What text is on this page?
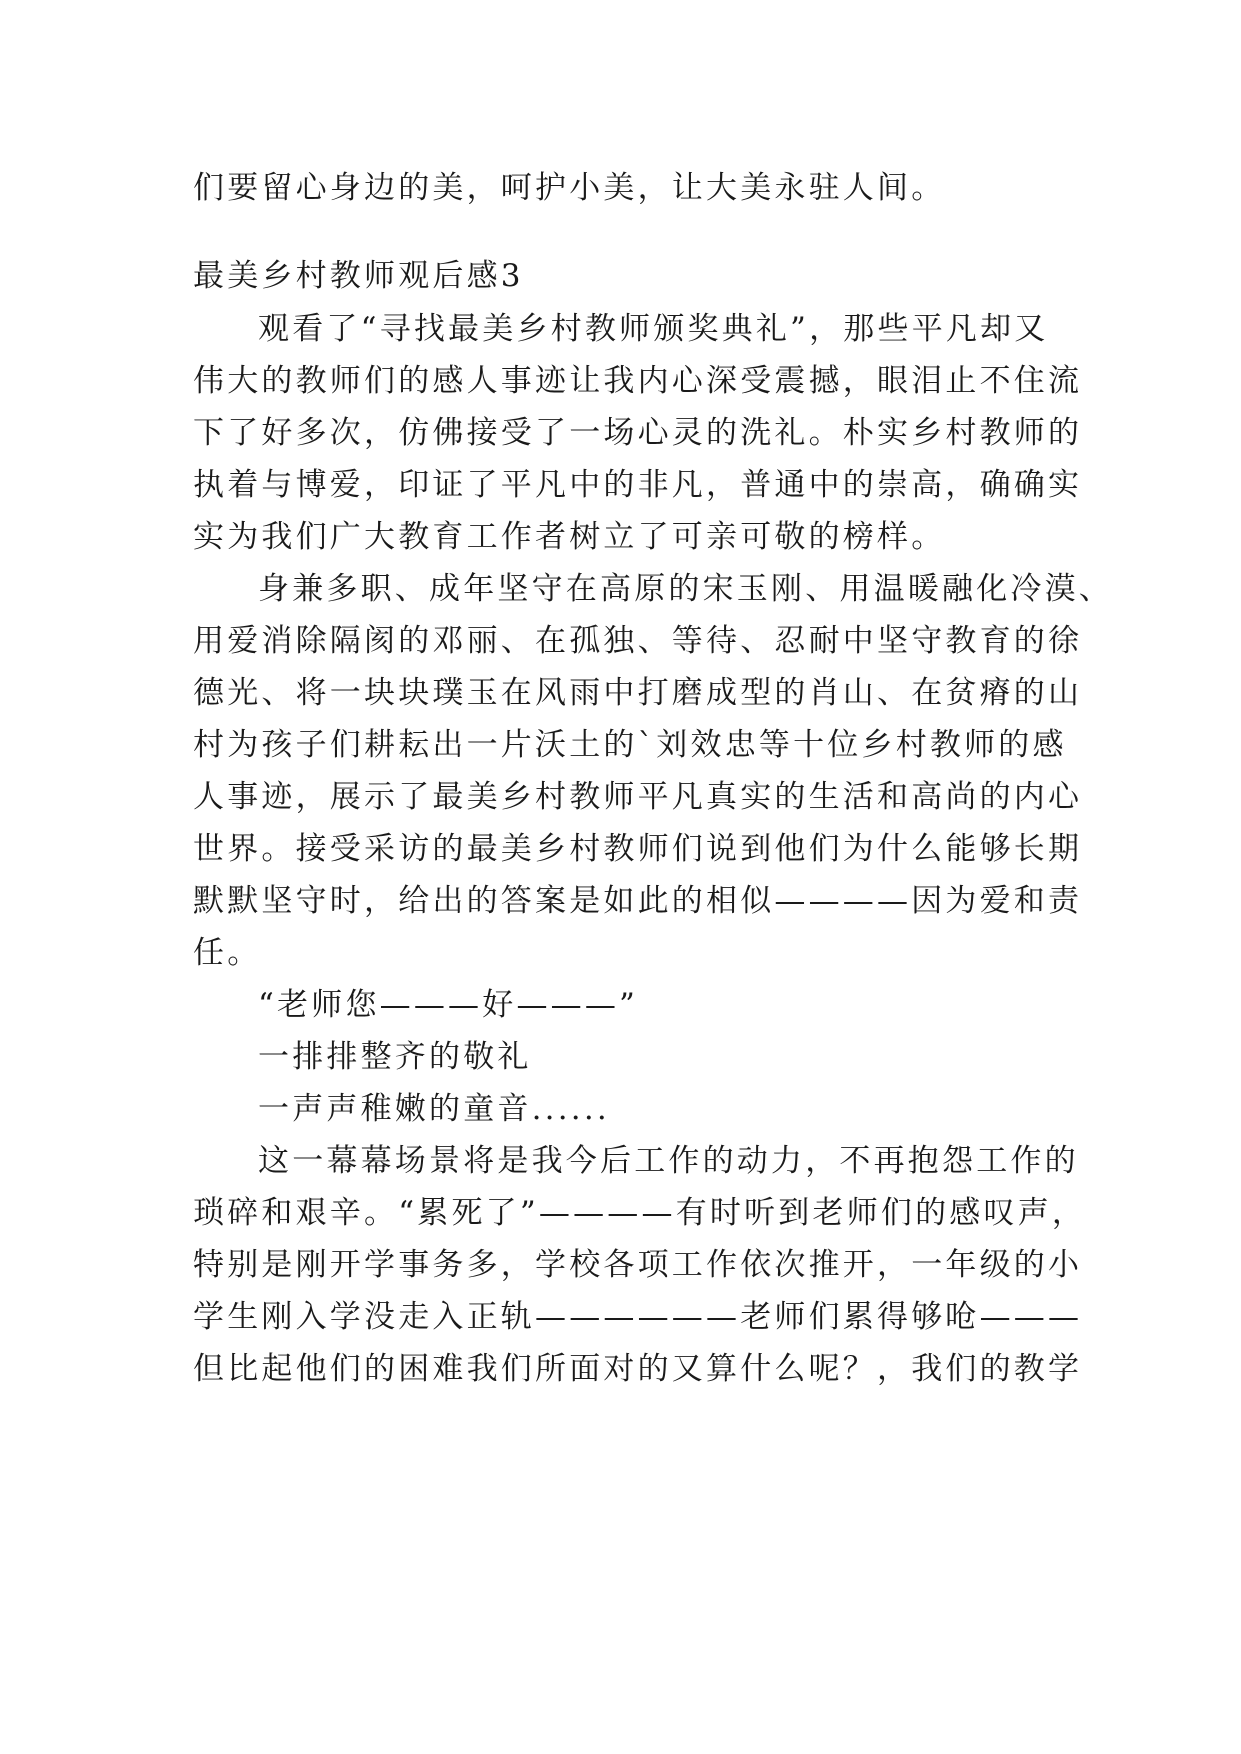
们要留心身边的美，呵护小美，让大美永驻人间。
最美乡村教师观后感3
观看了“寻找最美乡村教师颁奖典礼”，那些平凡却又
伟大的教师们的感人事迹让我内心深受震撼，眼泪止不住流
下了好多次，仿佛接受了一场心灵的洗礼。朴实乡村教师的
执着与博爱，印证了平凡中的非凡，普通中的崇高，确确实
实为我们广大教育工作者树立了可亲可敬的榜样。
身兼多职、成年坚守在高原的宋玉刚、用温暖融化冷漠、
用爱消除隔阂的邓丽、在孤独、等待、忍耐中坚守教育的徐
德光、将一块块璞玉在风雨中打磨成型的肖山、在贫瘠的山
村为孩子们耕耘出一片沃土的`刘效忠等十位乡村教师的感
人事迹，展示了最美乡村教师平凡真实的生活和高尚的内心
世界。接受采访的最美乡村教师们说到他们为什么能够长期
默默坚守时，给出的答案是如此的相似————因为爱和责
任。
“老师您———好———”
一排排整齐的敬礼
一声声稚嫩的童音......
这一幕幕场景将是我今后工作的动力，不再抱怨工作的
琐碎和艰辛。“累死了”————有时听到老师们的感叹声，
特别是刚开学事务多，学校各项工作依次推开，一年级的小
学生刚入学没走入正轨——————老师们累得够呛———
但比起他们的困难我们所面对的又算什么呢？，我们的教学
